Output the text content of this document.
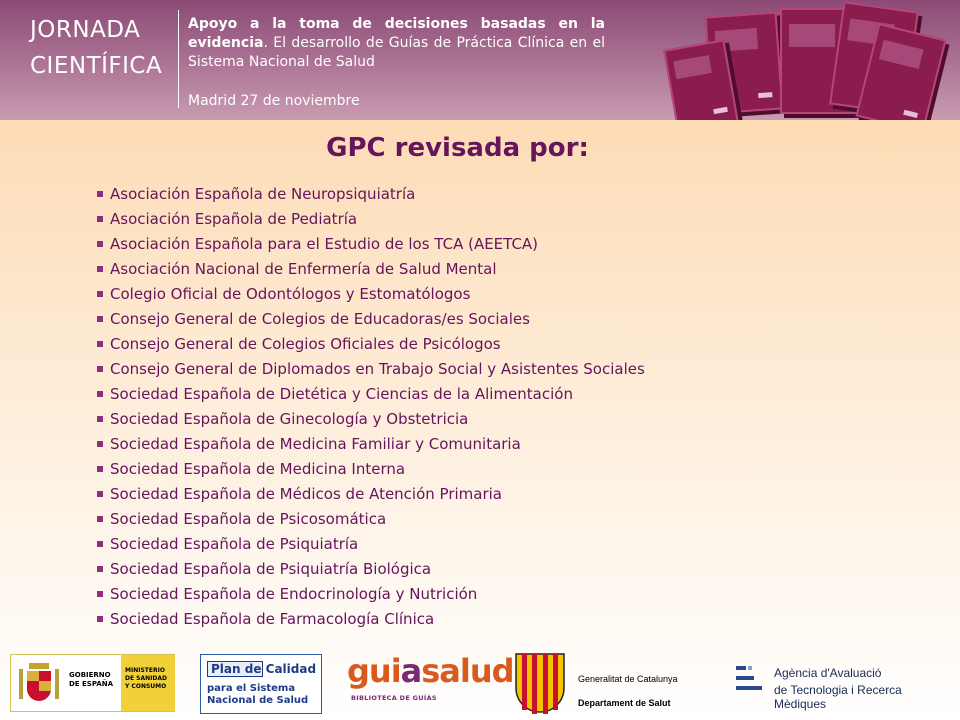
JORNADA
CIENTÍFICA
Apoyo a la toma de decisiones basadas en la evidencia. El desarrollo de Guías de Práctica Clínica en el Sistema Nacional de Salud
Madrid 27 de noviembre
GPC revisada por:
Asociación Española de Neuropsiquiatría
Asociación Española de Pediatría
Asociación Española para el Estudio de los TCA (AEETCA)
Asociación Nacional de Enfermería de Salud Mental
Colegio Oficial de Odontólogos y Estomatólogos
Consejo General de Colegios de Educadoras/es Sociales
Consejo General de Colegios Oficiales de Psicólogos
Consejo General de Diplomados en Trabajo Social y Asistentes Sociales
Sociedad Española de Dietética y Ciencias de la Alimentación
Sociedad Española de Ginecología y Obstetricia
Sociedad Española de Medicina Familiar y Comunitaria
Sociedad Española de Medicina Interna
Sociedad Española de Médicos de Atención Primaria
Sociedad Española de Psicosomática
Sociedad Española de Psiquiatría
Sociedad Española de Psiquiatría Biológica
Sociedad Española de Endocrinología y Nutrición
Sociedad Española de Farmacología Clínica
GOBIERNO DE ESPAÑA
MINISTERIO DE SANIDAD Y CONSUMO
Plan de Calidad
para el Sistema Nacional de Salud
guiasalud
BIBLIOTECA DE GUÍAS
Generalitat de Catalunya
Departament de Salut
Agència d'Avaluació
de Tecnologia i Recerca Mèdiques
